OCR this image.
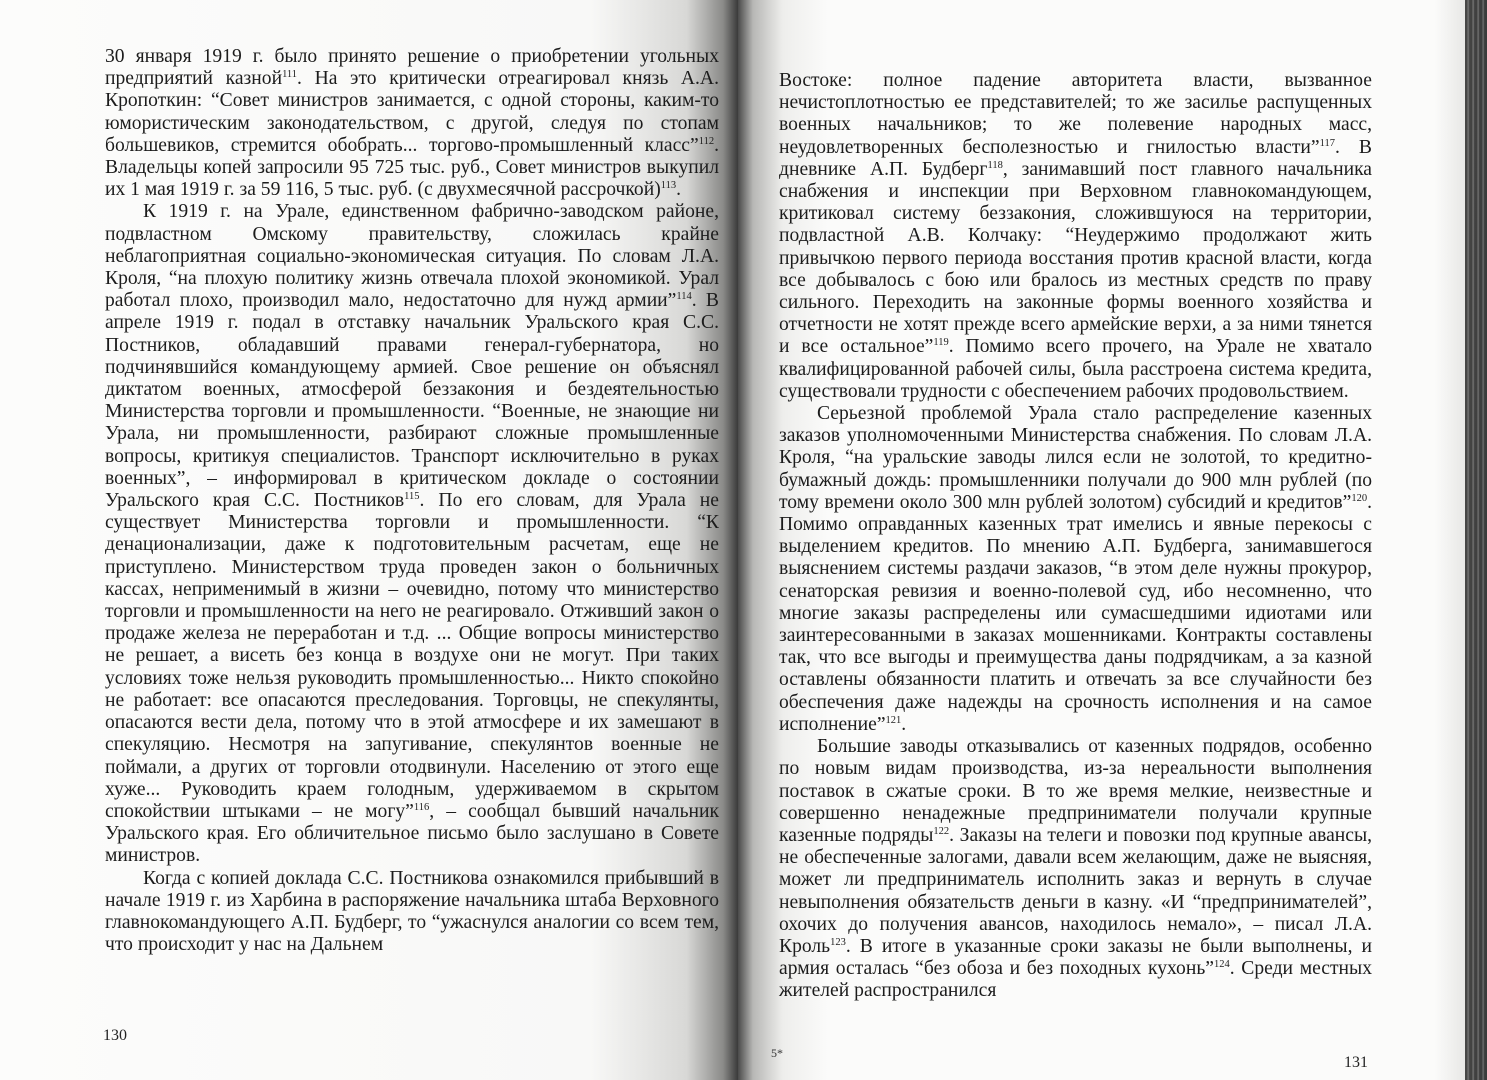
30 января 1919 г. было принято решение о приобретении угольных предприятий казной$^{111}$. На это критически отреагировал князь А.А. Кропоткин: “Совет министров занимается, с одной стороны, каким-то юмористическим законодательством, с другой, следуя по стопам большевиков, стремится обобрать... торгово-промышленный класс”$^{112}$. Владельцы копей запросили 95 725 тыс. руб., Совет министров выкупил их 1 мая 1919 г. за 59 116, 5 тыс. руб. (с двухмесячной рассрочкой)$^{113}$.

К 1919 г. на Урале, единственном фабрично-заводском районе, подвластном Омскому правительству, сложилась крайне неблагоприятная социально-экономическая ситуация. По словам Л.А. Кроля, “на плохую политику жизнь отвечала плохой экономикой. Урал работал плохо, производил мало, недостаточно для нужд армии”$^{114}$. В апреле 1919 г. подал в отставку начальник Уральского края С.С. Постников, обладавший правами генерал-губернатора, но подчинявшийся командующему армией. Свое решение он объяснял диктатом военных, атмосферой беззакония и бездеятельностью Министерства торговли и промышленности. “Военные, не знающие ни Урала, ни промышленности, разбирают сложные промышленные вопросы, критикуя специалистов. Транспорт исключительно в руках военных”, – информировал в критическом докладе о состоянии Уральского края С.С. Постников$^{115}$. По его словам, для Урала не существует Министерства торговли и промышленности. “К денационализации, даже к подготовительным расчетам, еще не приступлено. Министерством труда проведен закон о больничных кассах, неприменимый в жизни – очевидно, потому что министерство торговли и промышленности на него не реагировало. Отживший закон о продаже железа не переработан и т.д. ... Общие вопросы министерство не решает, а висеть без конца в воздухе они не могут. При таких условиях тоже нельзя руководить промышленностью... Никто спокойно не работает: все опасаются преследования. Торговцы, не спекулянты, опасаются вести дела, потому что в этой атмосфере и их замешают в спекуляцию. Несмотря на запугивание, спекулянтов военные не поймали, а других от торговли отодвинули. Населению от этого еще хуже... Руководить краем голодным, удерживаемом в скрытом спокойствии штыками – не могу”$^{116}$, – сообщал бывший начальник Уральского края. Его обличительное письмо было заслушано в Совете министров.

Когда с копией доклада С.С. Постникова ознакомился прибывший в начале 1919 г. из Харбина в распоряжение начальника штаба Верховного главнокомандующего А.П. Будберг, то “ужаснулся аналогии со всем тем, что происходит у нас на Дальнем

130

Востоке: полное падение авторитета власти, вызванное нечистоплотностью ее представителей; то же засилье распущенных военных начальников; то же полевение народных масс, неудовлетворенных бесполезностью и гнилостью власти”$^{117}$. В дневнике А.П. Будберг$^{118}$, занимавший пост главного начальника снабжения и инспекции при Верховном главнокомандующем, критиковал систему беззакония, сложившуюся на территории, подвластной А.В. Колчаку: “Неудержимо продолжают жить привычкою первого периода восстания против красной власти, когда все добывалось с бою или бралось из местных средств по праву сильного. Переходить на законные формы военного хозяйства и отчетности не хотят прежде всего армейские верхи, а за ними тянется и все остальное”$^{119}$. Помимо всего прочего, на Урале не хватало квалифицированной рабочей силы, была расстроена система кредита, существовали трудности с обеспечением рабочих продовольствием.

Серьезной проблемой Урала стало распределение казенных заказов уполномоченными Министерства снабжения. По словам Л.А. Кроля, “на уральские заводы лился если не золотой, то кредитно-бумажный дождь: промышленники получали до 900 млн рублей (по тому времени около 300 млн рублей золотом) субсидий и кредитов”$^{120}$. Помимо оправданных казенных трат имелись и явные перекосы с выделением кредитов. По мнению А.П. Будберга, занимавшегося выяснением системы раздачи заказов, “в этом деле нужны прокурор, сенаторская ревизия и военно-полевой суд, ибо несомненно, что многие заказы распределены или сумасшедшими идиотами или заинтересованными в заказах мошенниками. Контракты составлены так, что все выгоды и преимущества даны подрядчикам, а за казной оставлены обязанности платить и отвечать за все случайности без обеспечения даже надежды на срочность исполнения и на самое исполнение”$^{121}$.

Большие заводы отказывались от казенных подрядов, особенно по новым видам производства, из-за нереальности выполнения поставок в сжатые сроки. В то же время мелкие, неизвестные и совершенно ненадежные предприниматели получали крупные казенные подряды$^{122}$. Заказы на телеги и повозки под крупные авансы, не обеспеченные залогами, давали всем желающим, даже не выясняя, может ли предприниматель исполнить заказ и вернуть в случае невыполнения обязательств деньги в казну. «И “предпринимателей”, охочих до получения авансов, находилось немало», – писал Л.А. Кроль$^{123}$. В итоге в указанные сроки заказы не были выполнены, и армия осталась “без обоза и без походных кухонь”$^{124}$. Среди местных жителей распространился

5*
131
